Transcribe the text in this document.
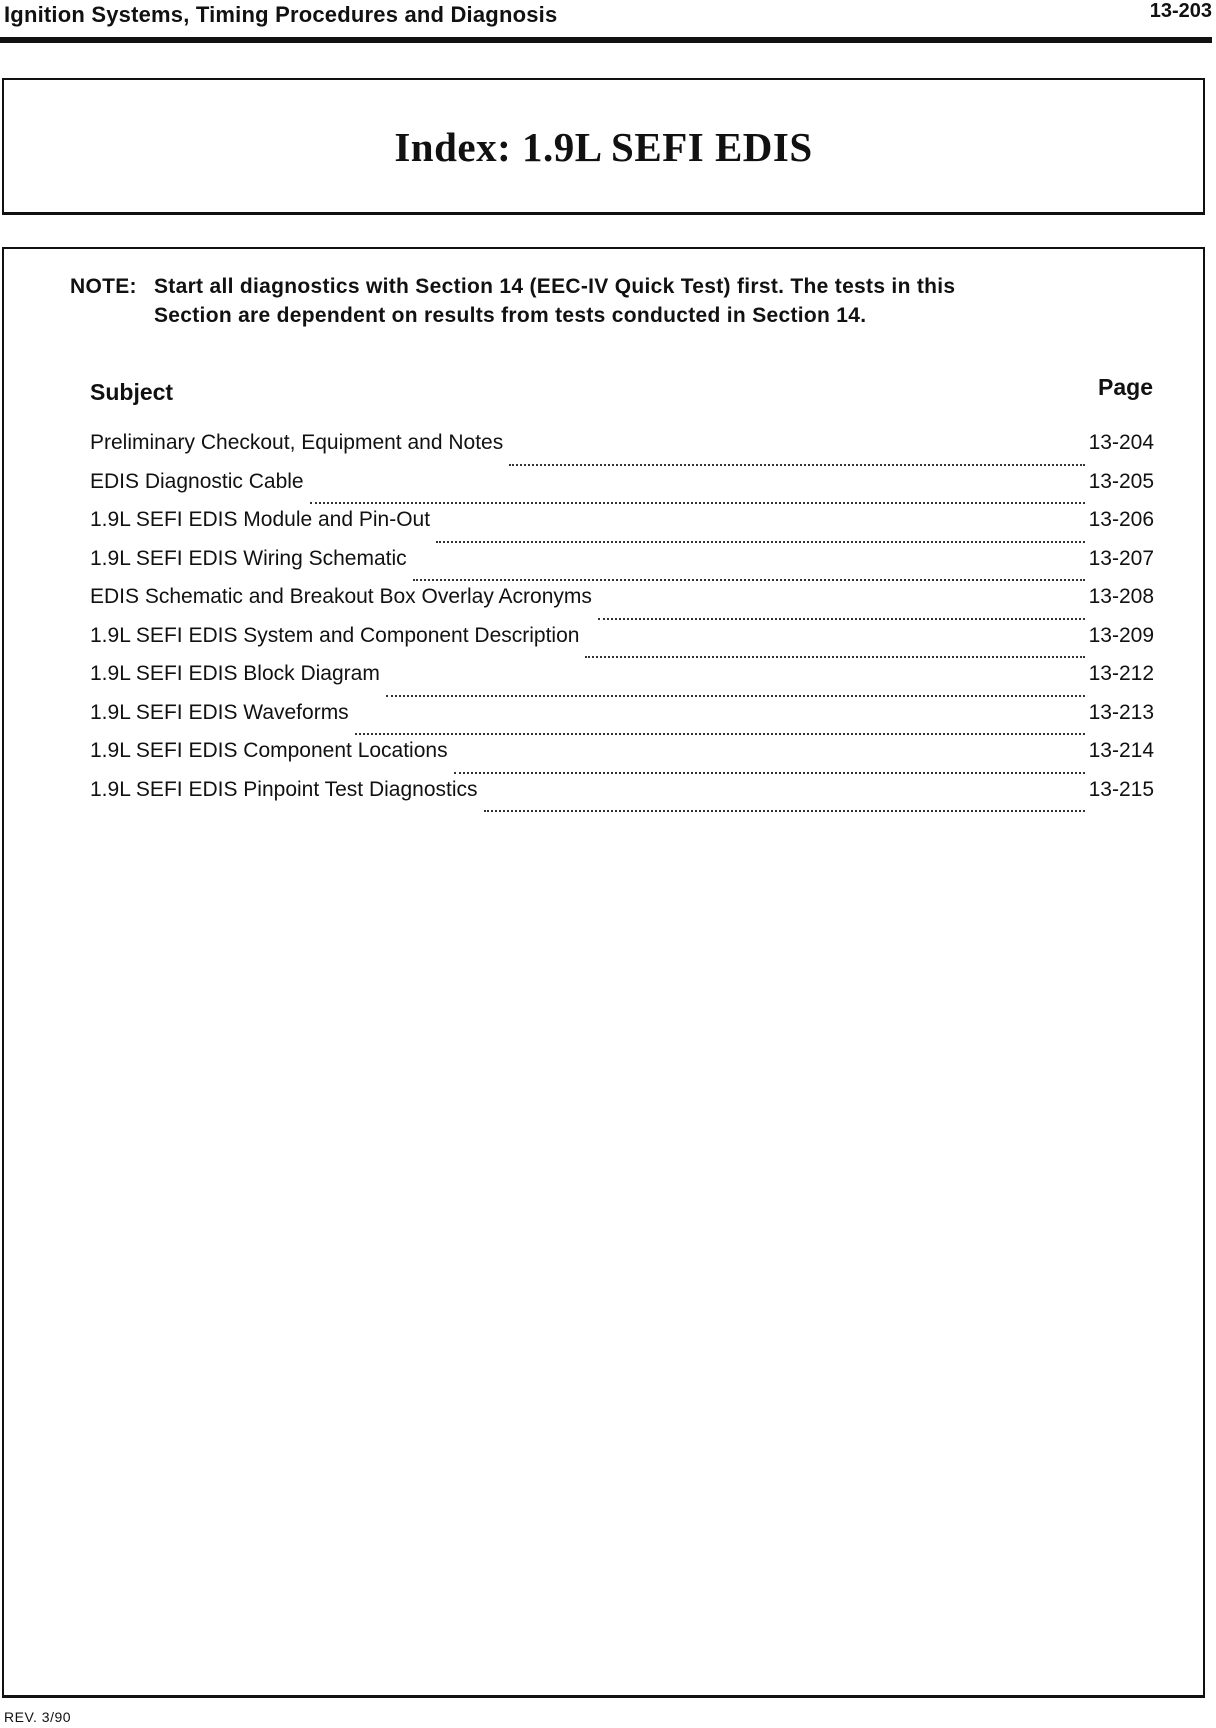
Ignition Systems, Timing Procedures and Diagnosis	13-203
Index: 1.9L SEFI EDIS
NOTE: Start all diagnostics with Section 14 (EEC-IV Quick Test) first. The tests in this
Section are dependent on results from tests conducted in Section 14.
Subject	Page
Preliminary Checkout, Equipment and Notes	13-204
EDIS Diagnostic Cable	13-205
1.9L SEFI EDIS Module and Pin-Out	13-206
1.9L SEFI EDIS Wiring Schematic	13-207
EDIS Schematic and Breakout Box Overlay Acronyms	13-208
1.9L SEFI EDIS System and Component Description	13-209
1.9L SEFI EDIS Block Diagram	13-212
1.9L SEFI EDIS Waveforms	13-213
1.9L SEFI EDIS Component Locations	13-214
1.9L SEFI EDIS Pinpoint Test Diagnostics	13-215
REV. 3/90
